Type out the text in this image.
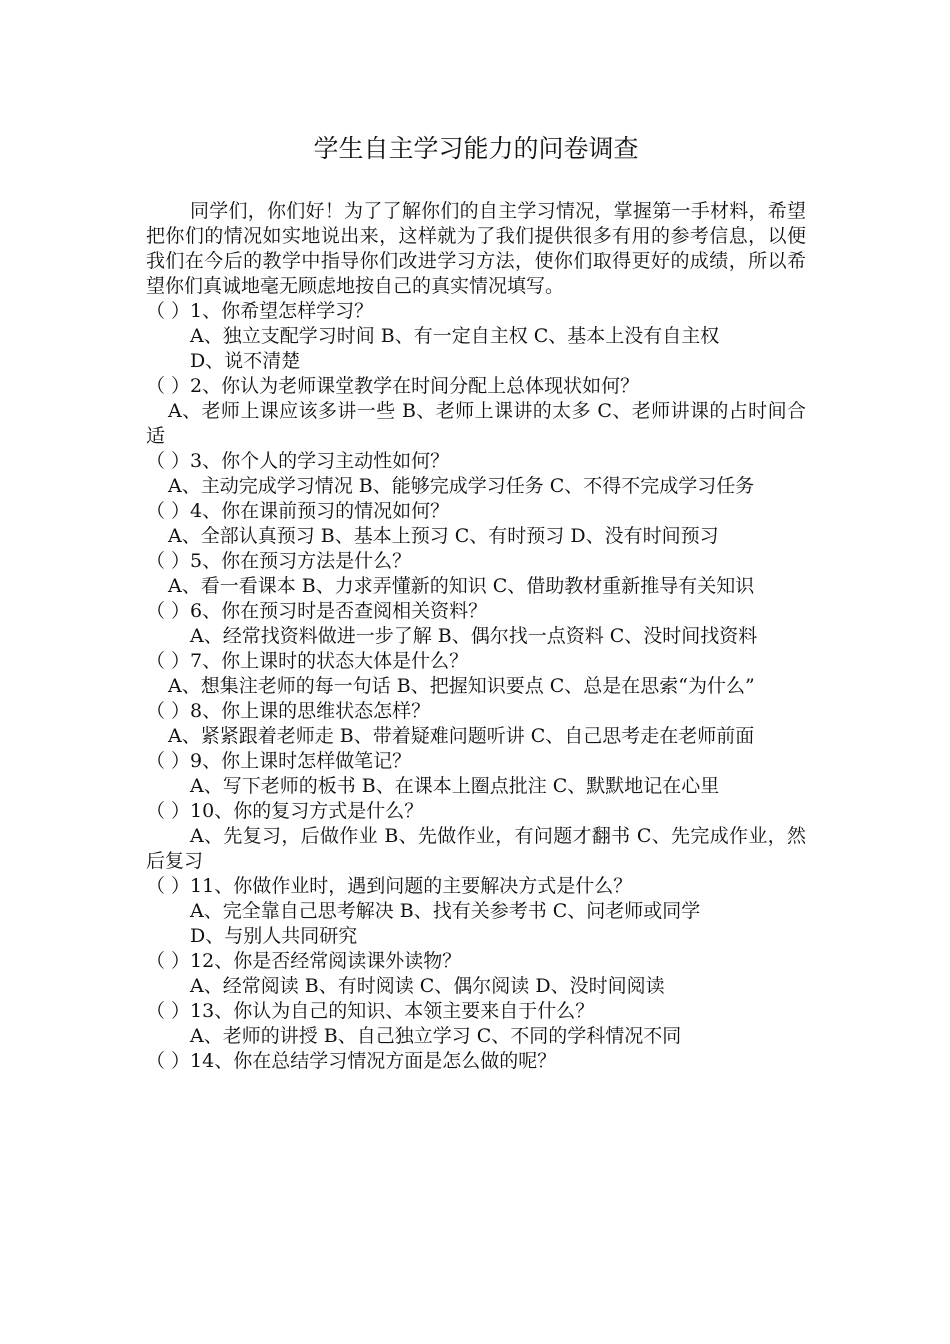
学生自主学习能力的问卷调查

同学们，你们好！为了了解你们的自主学习情况，掌握第一手材料，希望把你们的情况如实地说出来，这样就为了我们提供很多有用的参考信息，以便我们在今后的教学中指导你们改进学习方法，使你们取得更好的成绩，所以希望你们真诚地毫无顾虑地按自己的真实情况填写。

（ ）1、你希望怎样学习？

A、独立支配学习时间 B、有一定自主权 C、基本上没有自主权

D、说不清楚

（ ）2、你认为老师课堂教学在时间分配上总体现状如何？

A、老师上课应该多讲一些 B、老师上课讲的太多 C、老师讲课的占时间合适

（ ）3、你个人的学习主动性如何？

A、主动完成学习情况 B、能够完成学习任务 C、不得不完成学习任务

（ ）4、你在课前预习的情况如何？

A、全部认真预习 B、基本上预习 C、有时预习 D、没有时间预习

（ ）5、你在预习方法是什么？

A、看一看课本 B、力求弄懂新的知识 C、借助教材重新推导有关知识

（ ）6、你在预习时是否查阅相关资料？

A、经常找资料做进一步了解 B、偶尔找一点资料 C、没时间找资料

（ ）7、你上课时的状态大体是什么？

A、想集注老师的每一句话 B、把握知识要点 C、总是在思索“为什么”

（ ）8、你上课的思维状态怎样？

A、紧紧跟着老师走 B、带着疑难问题听讲 C、自己思考走在老师前面

（ ）9、你上课时怎样做笔记？

A、写下老师的板书 B、在课本上圈点批注 C、默默地记在心里

（ ）10、你的复习方式是什么？

A、先复习，后做作业 B、先做作业，有问题才翻书 C、先完成作业，然后复习

（ ）11、你做作业时，遇到问题的主要解决方式是什么？

A、完全靠自己思考解决 B、找有关参考书 C、问老师或同学

D、与别人共同研究

（ ）12、你是否经常阅读课外读物？

A、经常阅读 B、有时阅读 C、偶尔阅读 D、没时间阅读

（ ）13、你认为自己的知识、本领主要来自于什么？

A、老师的讲授 B、自己独立学习 C、不同的学科情况不同

（ ）14、你在总结学习情况方面是怎么做的呢？
